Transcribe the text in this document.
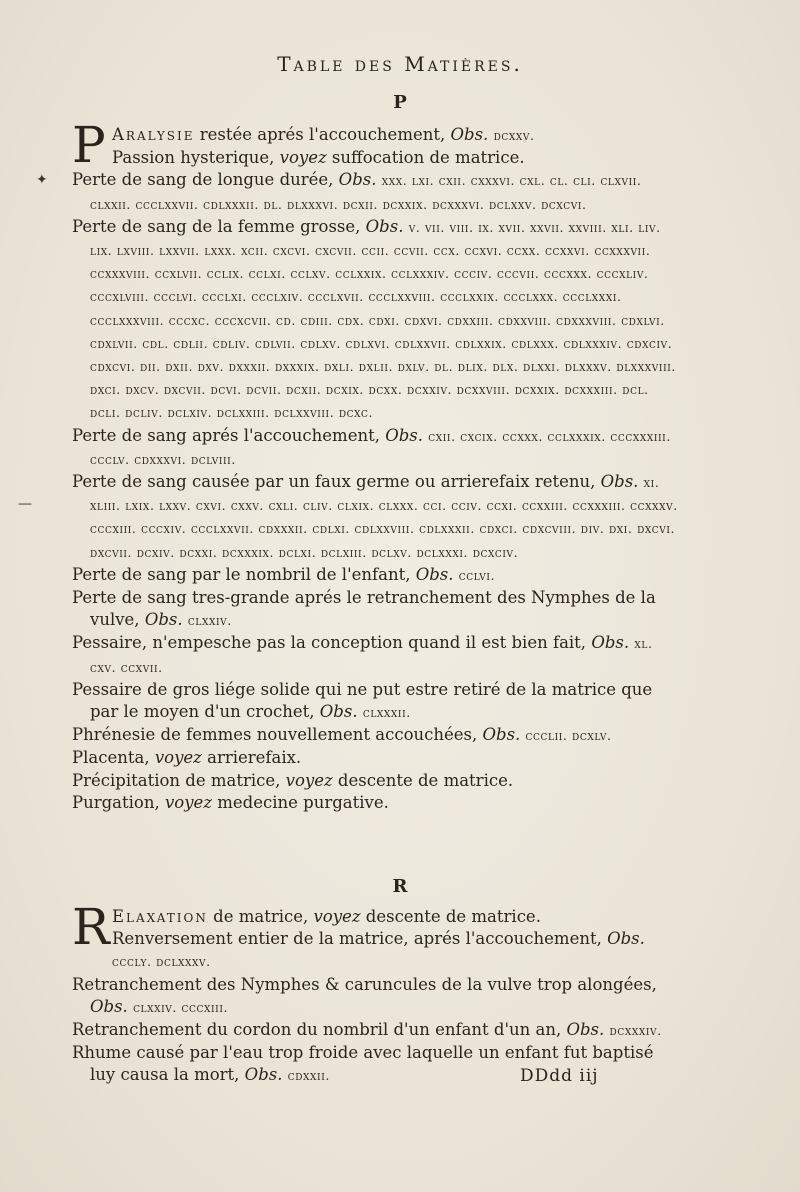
Table des Matières.
P

P Aralysie restée aprés l'accouchement, Obs. dcxxv.

Passion hysterique, voyez suffocation de matrice.

Perte de sang de longue durée, Obs. xxx. lxi. cxii. cxxxvi. cxl. cl. cli. clxvii. clxxii. ccclxxvii. cdlxxxii. dl. dlxxxvi. dcxii. dcxxix. dcxxxvi. dclxxv. dcxcvi.

Perte de sang de la femme grosse, Obs. v. vii. viii. ix. xvii. xxvii. xxviii. xli. liv. lix. lxviii. lxxvii. lxxx. xcii. cxcvi. cxcvii. ccii. ccvii. ccx. ccxvi. ccxx. ccxxvi. ccxxxvii. ccxxxviii. ccxlvii. cclix. cclxi. cclxv. cclxxix. cclxxxiv. ccciv. cccvii. cccxxx. cccxliv. cccxlviii. ccclvi. ccclxi. ccclxiv. ccclxvii. ccclxxviii. ccclxxix. ccclxxx. ccclxxxi. ccclxxxviii. cccxc. cccxcvii. cd. cdiii. cdx. cdxi. cdxvi. cdxxiii. cdxxviii. cdxxxviii. cdxlvi. cdxlvii. cdl. cdlii. cdliv. cdlvii. cdlxv. cdlxvi. cdlxxvii. cdlxxix. cdlxxx. cdlxxxiv. cdxciv. cdxcvi. dii. dxii. dxv. dxxxii. dxxxix. dxli. dxlii. dxlv. dl. dlix. dlx. dlxxi. dlxxxv. dlxxxviii. dxci. dxcv. dxcvii. dcvi. dcvii. dcxii. dcxix. dcxx. dcxxiv. dcxxviii. dcxxix. dcxxxiii. dcl. dcli. dcliv. dclxiv. dclxxiii. dclxxviii. dcxc.

Perte de sang aprés l'accouchement, Obs. cxii. cxcix. ccxxx. cclxxxix. cccxxxiii. ccclv. cdxxxvi. dclviii.

Perte de sang causée par un faux germe ou arrierefaix retenu, Obs. xi. xliii. lxix. lxxv. cxvi. cxxv. cxli. cliv. clxix. clxxx. cci. cciv. ccxi. ccxxiii. ccxxxiii. ccxxxv. cccxiii. cccxiv. ccclxxvii. cdxxxii. cdlxi. cdlxxviii. cdlxxxii. cdxci. cdxcviii. div. dxi. dxcvi. dxcvii. dcxiv. dcxxi. dcxxxix. dclxi. dclxiii. dclxv. dclxxxi. dcxciv.

Perte de sang par le nombril de l'enfant, Obs. cclvi.

Perte de sang tres-grande aprés le retranchement des Nymphes de la vulve, Obs. clxxiv.

Pessaire, n'empesche pas la conception quand il est bien fait, Obs. xl. cxv. ccxvii.

Pessaire de gros liége solide qui ne put estre retiré de la matrice que par le moyen d'un crochet, Obs. clxxxii.

Phrénesie de femmes nouvellement accouchées, Obs. ccclii. dcxlv.

Placenta, voyez arrierefaix.

Précipitation de matrice, voyez descente de matrice.

Purgation, voyez medecine purgative.

R

R Elaxation de matrice, voyez descente de matrice.

Renversement entier de la matrice, aprés l'accouchement, Obs. cccly. dclxxxv.

Retranchement des Nymphes & caruncules de la vulve trop alongées, Obs. clxxiv. cccxiii.

Retranchement du cordon du nombril d'un enfant d'un an, Obs. dcxxxiv.

Rhume causé par l'eau trop froide avec laquelle un enfant fut baptisé luy causa la mort, Obs. cdxxii.

✦
—
DDdd iij
